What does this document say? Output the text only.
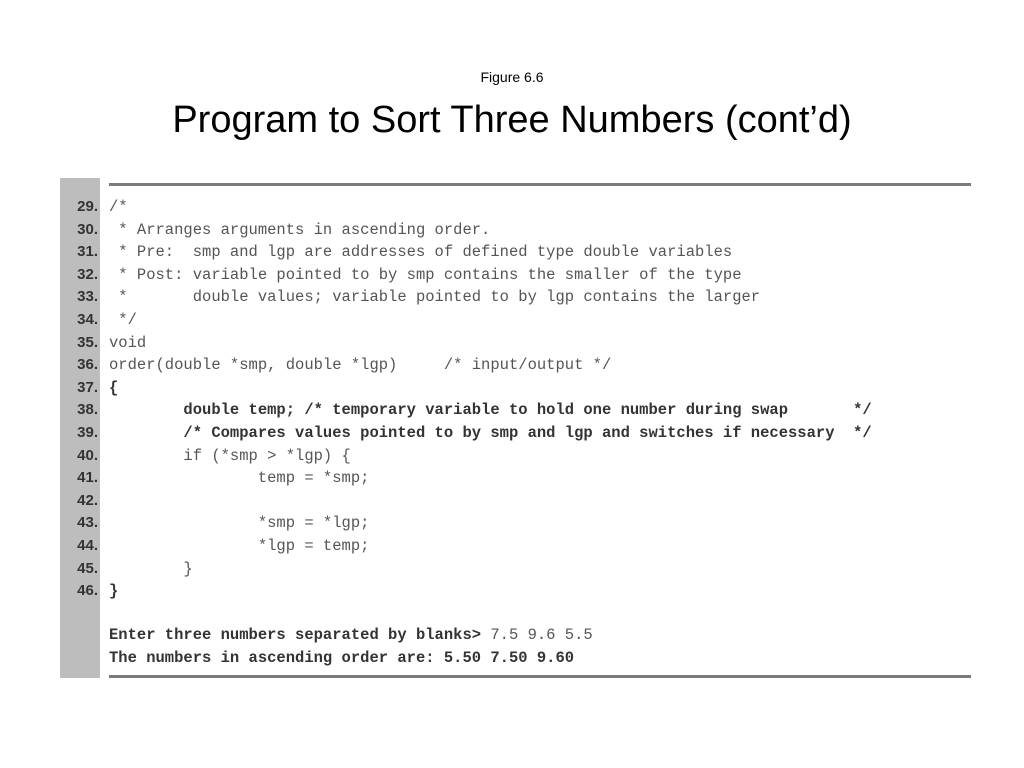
Figure 6.6
Program to Sort Three Numbers (cont’d)
29.
30.
31.
32.
33.
34.
35.
36.
37.
38.
39.
40.
41.
42.
43.
44.
45.
46.
/*
* Arranges arguments in ascending order.
* Pre:  smp and lgp are addresses of defined type double variables
* Post: variable pointed to by smp contains the smaller of the type
*       double values; variable pointed to by lgp contains the larger
*/
void
order(double *smp, double *lgp)     /* input/output */
{
double temp; /* temporary variable to hold one number during swap       */
/* Compares values pointed to by smp and lgp and switches if necessary  */
if (*smp > *lgp) {
temp = *smp;
*smp = *lgp;
*lgp = temp;
}
}
Enter three numbers separated by blanks> 7.5 9.6 5.5
The numbers in ascending order are: 5.50 7.50 9.60
